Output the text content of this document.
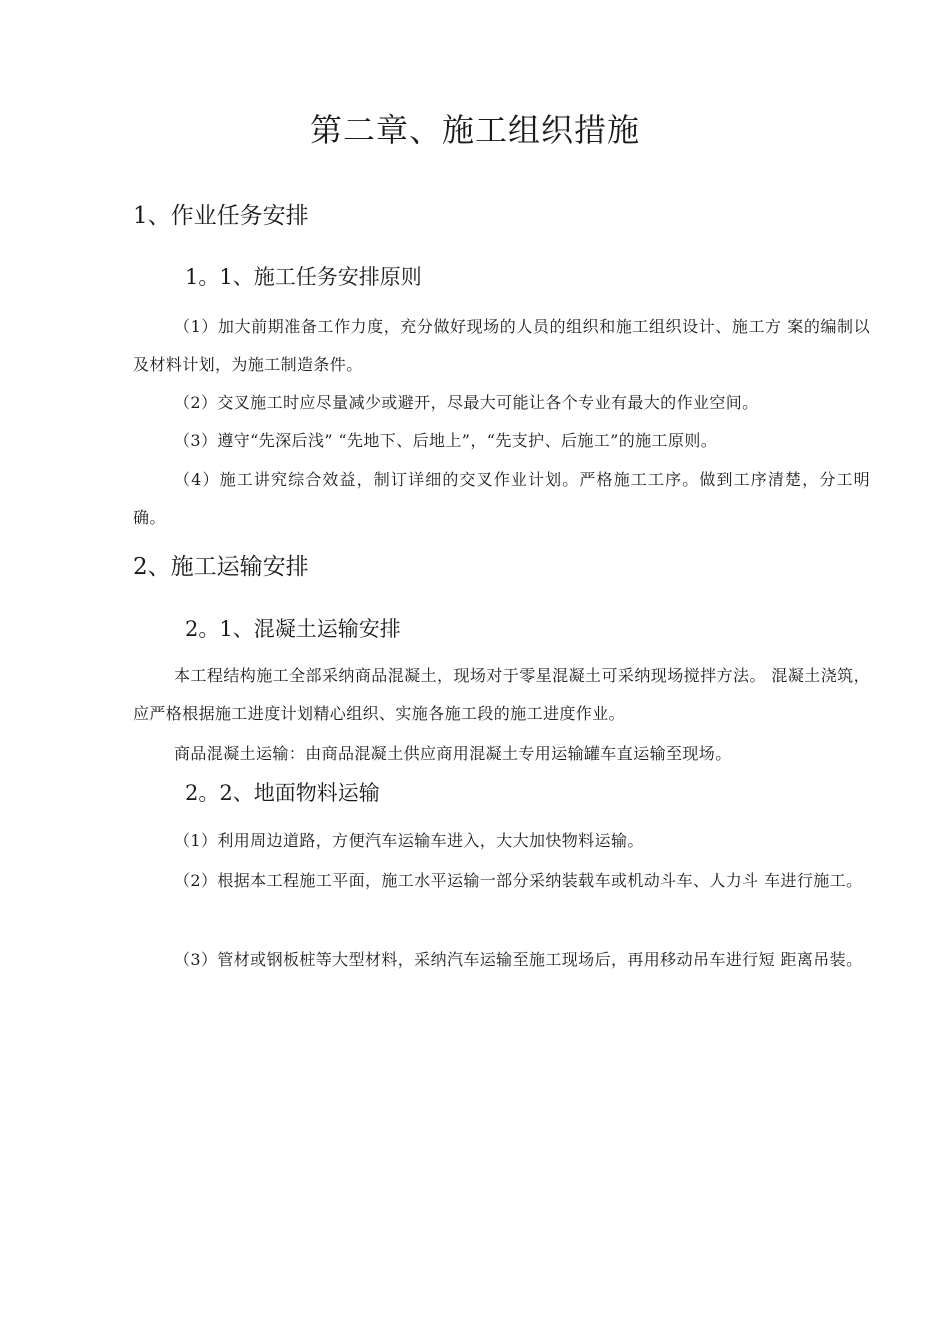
第二章、施工组织措施
1、作业任务安排
1。1、施工任务安排原则

（1）加大前期准备工作力度，充分做好现场的人员的组织和施工组织设计、施工方 案的编制以及材料计划，为施工制造条件。

（2）交叉施工时应尽量减少或避开，尽最大可能让各个专业有最大的作业空间。

（3）遵守“先深后浅” “先地下、后地上”，“先支护、后施工”的施工原则。

（4）施工讲究综合效益，制订详细的交叉作业计划。严格施工工序。做到工序清楚，分工明确。

2、施工运输安排
2。1、混凝土运输安排

本工程结构施工全部采纳商品混凝土，现场对于零星混凝土可采纳现场搅拌方法。 混凝土浇筑，应严格根据施工进度计划精心组织、实施各施工段的施工进度作业。

商品混凝土运输：由商品混凝土供应商用混凝土专用运输罐车直运输至现场。

2。2、地面物料运输

（1）利用周边道路，方便汽车运输车进入，大大加快物料运输。

（2）根据本工程施工平面，施工水平运输一部分采纳装载车或机动斗车、人力斗 车进行施工。

（3）管材或钢板桩等大型材料，采纳汽车运输至施工现场后，再用移动吊车进行短 距离吊装。
